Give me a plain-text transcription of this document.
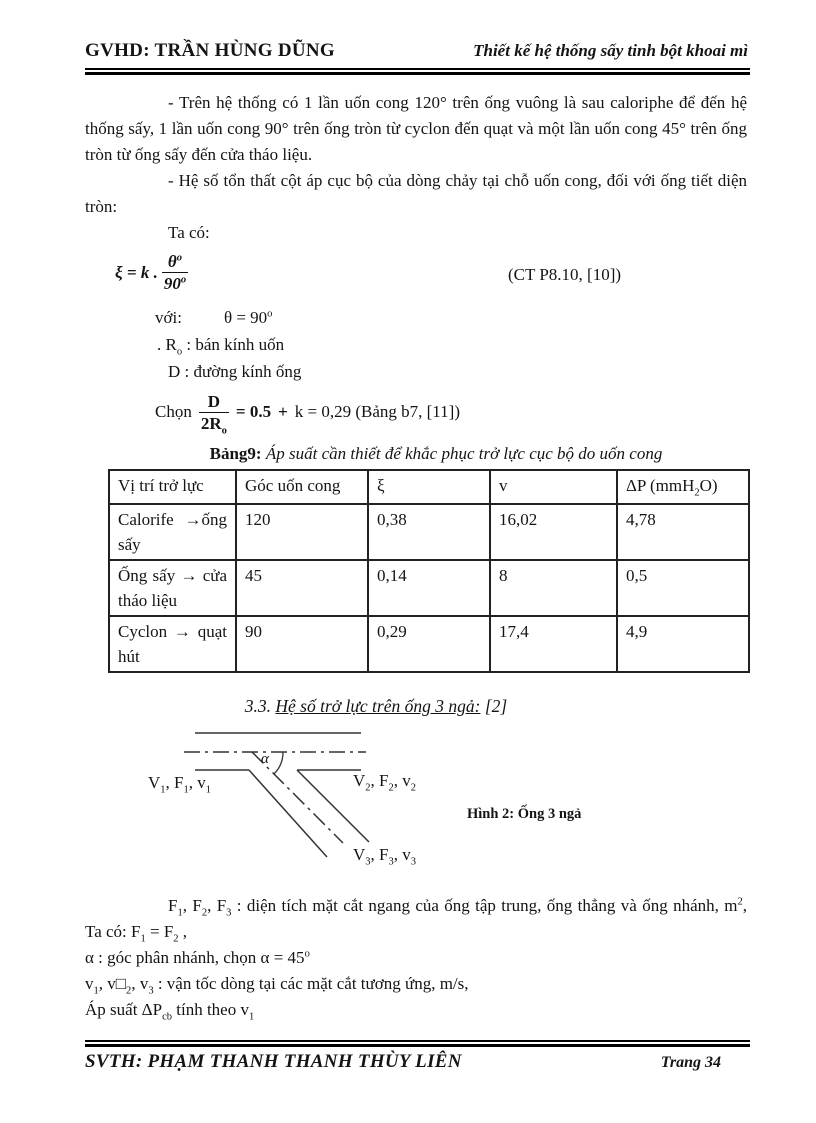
GVHD: TRẦN HÙNG DŨNG	Thiết kế hệ thống sấy tinh bột khoai mì

- Trên hệ thống có 1 lần uốn cong 120° trên ống vuông là sau caloriphe để đến hệ thống sấy, 1 lần uốn cong 90° trên ống tròn từ cyclon đến quạt và một lần uốn cong 45° trên ống tròn từ ống sấy đến cửa tháo liệu.

- Hệ số tổn thất cột áp cục bộ của dòng chảy tại chỗ uốn cong, đối với ống tiết diện tròn:

Ta có:

ξ = k . $\frac{\theta^o}{90^o}$	(CT P8.10, [10])
với: $\theta = 90^o$
. $R_o$ : bán kính uốn
D : đường kính ống
Chọn $\frac{D}{2R_o} = 0.5 + k = 0,29$ (Bảng b7, [11])
Bảng9: Áp suất cần thiết để khắc phục trở lực cục bộ do uốn cong
Vị trí trở lực	Góc uốn cong	ξ	v	ΔP (mmH$_2$O)
Calorife →ống sấy	120	0,38	16,02	4,78
Ống sấy → cửa tháo liệu	45	0,14	8	0,5
Cyclon → quạt hút	90	0,29	17,4	4,9
3.3. Hệ số trở lực trên ống 3 ngả: [2]
α
$V_1$, $F_1$, $v_1$	$V_2$, $F_2$, $v_2$
$V_3$, $F_3$, $v_3$
Hình 2: Ống 3 ngả

$F_1$, $F_2$, $F_3$ : diện tích mặt cắt ngang của ống tập trung, ống thẳng và ống nhánh, $m^2$, Ta có: $F_1 = F_2$ ,

α : góc phân nhánh, chọn $\alpha = 45^o$

$v_1$, $v□_2$, $v_3$ : vận tốc dòng tại các mặt cắt tương ứng, m/s,

Áp suất $\Delta P_{cb}$ tính theo $v_1$

SVTH: PHẠM THANH THANH THÙY LIÊN	Trang 34
